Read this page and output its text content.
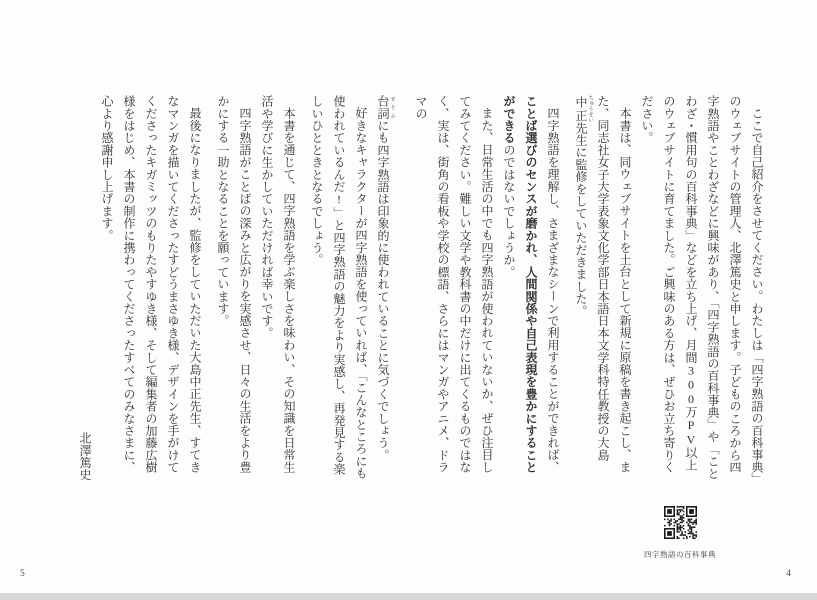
台詞 せりふにも四字熟語は印象的に使われていることに気づくでしょう。

好きなキャラクターが四字熟語を使っていれば、「こんなところにも使われているんだ!」と四字熟語の魅力をより実感し、再発見する楽しいひとときとなるでしょう。

本書を通じて、四字熟語を学ぶ楽しさを味わい、その知識を日常生活や学びに生かしていただければ幸いです。

四字熟語がことばの深みと広がりを実感させ、日々の生活をより豊かにする一助となることを願っています。

最後になりましたが、監修をしていただいた大島中正先生、すてきなマンガを描いてくださったすどうまさゆき様、デザインを手がけてくださったキガミッツのもりたやすゆき様、そして編集者の加藤広樹様をはじめ、本書の制作に携わってくださったすべてのみなさまに、心より感謝申し上げます。

北澤篤史

5

ここで自己紹介をさせてください。わたしは「四字熟語の百科事典」のウェブサイトの管理人、北澤篤史と申します。子どものころから四字熟語やことわざなどに興味があり、「四字熟語の百科事典」や「ことわざ・慣用句の百科事典」などを立ち上げ、月間300万PV以上のウェブサイトに育てました。ご興味のある方は、ぜひお立ち寄りください。

本書は、同ウェブサイトを土台として新規に原稿を書き起こし、また、同志社女子大学表象文化学部日本語日本文学科特任教授の大島中正 ちゅうせい先生に監修をしていただきました。

四字熟語を理解し、さまざまなシーンで利用することができれば、ことば選びのセンスが磨かれ、人間関係や自己表現を豊かにすることができるのではないでしょうか。

また、日常生活の中でも四字熟語が使われていないか、ぜひ注目してみてください。難しい文学や教科書の中だけに出てくるものではなく、実は、街角の看板や学校の標語、さらにはマンガやアニメ、ドラマの

四字熟語の百科事典
4
